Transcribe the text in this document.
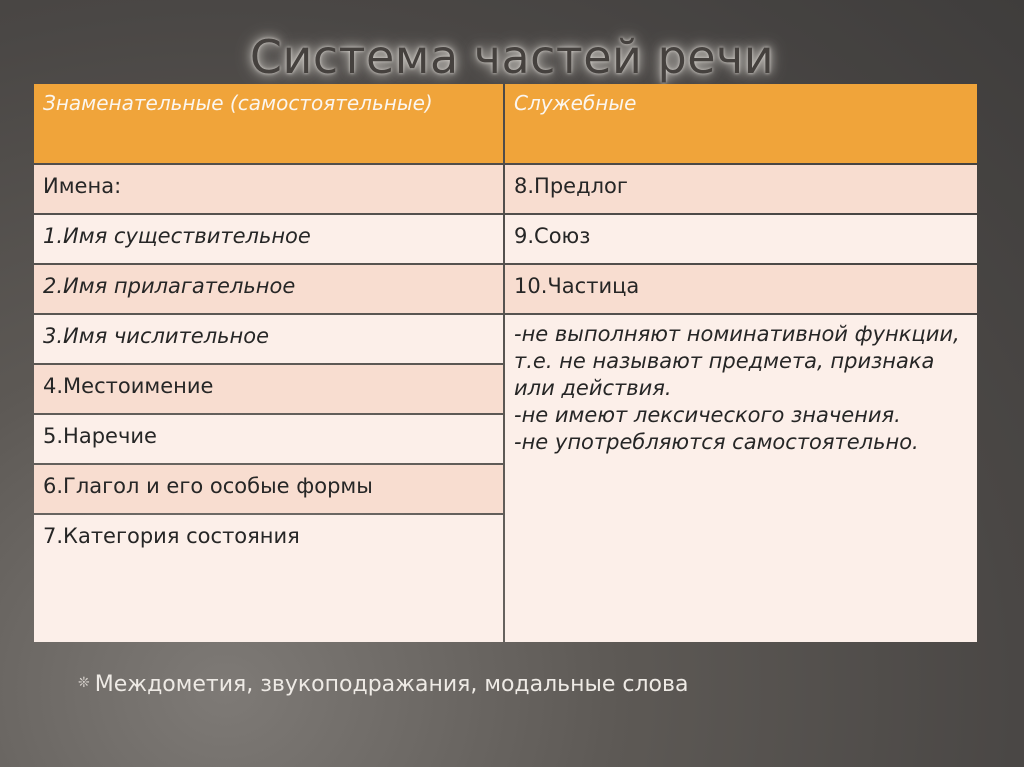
Система частей речи
Знаменательные (самостоятельные)
Имена:
1.Имя существительное
2.Имя прилагательное
3.Имя числительное
4.Местоимение
5.Наречие
6.Глагол и его особые формы
7.Категория состояния
Служебные
8.Предлог
9.Союз
10.Частица
-не выполняют номинативной функции, т.е. не называют предмета, признака или действия.
-не имеют лексического значения.
-не употребляются самостоятельно.
❊ Междометия, звукоподражания, модальные слова
